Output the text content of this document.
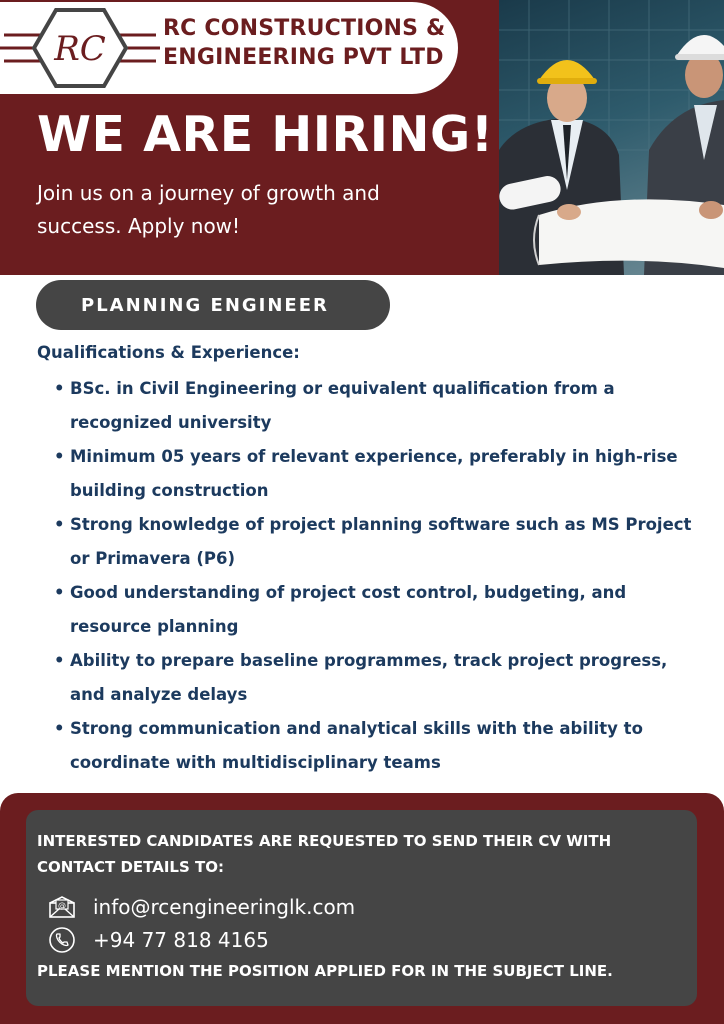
RC
RC CONSTRUCTIONS &
ENGINEERING PVT LTD
WE ARE HIRING!
Join us on a journey of growth and success. Apply now!
PLANNING ENGINEER
Qualifications & Experience:
• BSc. in Civil Engineering or equivalent qualification from a recognized university
• Minimum 05 years of relevant experience, preferably in high-rise building construction
• Strong knowledge of project planning software such as MS Project or Primavera (P6)
• Good understanding of project cost control, budgeting, and resource planning
• Ability to prepare baseline programmes, track project progress, and analyze delays
• Strong communication and analytical skills with the ability to coordinate with multidisciplinary teams
INTERESTED CANDIDATES ARE REQUESTED TO SEND THEIR CV WITH CONTACT DETAILS TO:
@ info@rcengineeringlk.com
+94 77 818 4165
PLEASE MENTION THE POSITION APPLIED FOR IN THE SUBJECT LINE.
